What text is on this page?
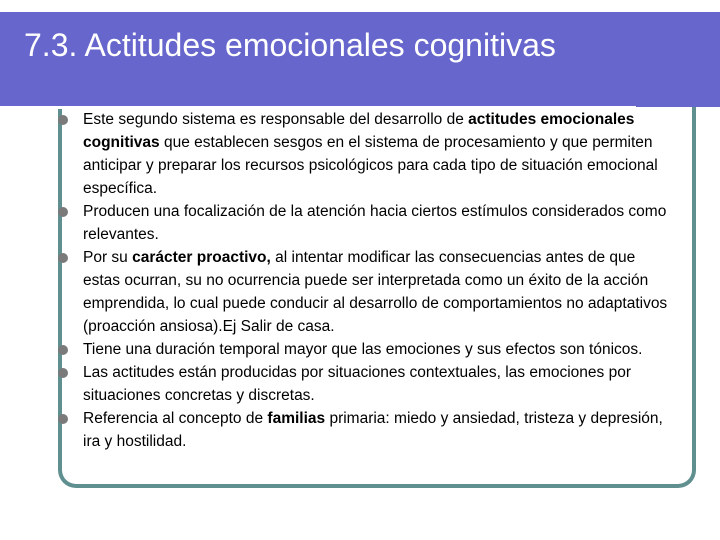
7.3. Actitudes emocionales cognitivas
Este segundo sistema es responsable del desarrollo de actitudes emocionales cognitivas que establecen sesgos en el sistema de procesamiento y que permiten anticipar y preparar los recursos psicológicos para cada tipo de situación emocional específica.
Producen una focalización de la atención hacia ciertos estímulos considerados como relevantes.
Por su carácter proactivo, al intentar modificar las consecuencias antes de que estas ocurran, su no ocurrencia puede ser interpretada como un éxito de la acción emprendida, lo cual puede conducir al desarrollo de comportamientos no adaptativos (proacción ansiosa).Ej Salir de casa.
Tiene una duración temporal mayor que las emociones y sus efectos son tónicos.
Las actitudes están producidas por situaciones contextuales, las emociones por situaciones concretas y discretas.
Referencia al concepto de familias primaria: miedo y ansiedad, tristeza y depresión, ira y hostilidad.
